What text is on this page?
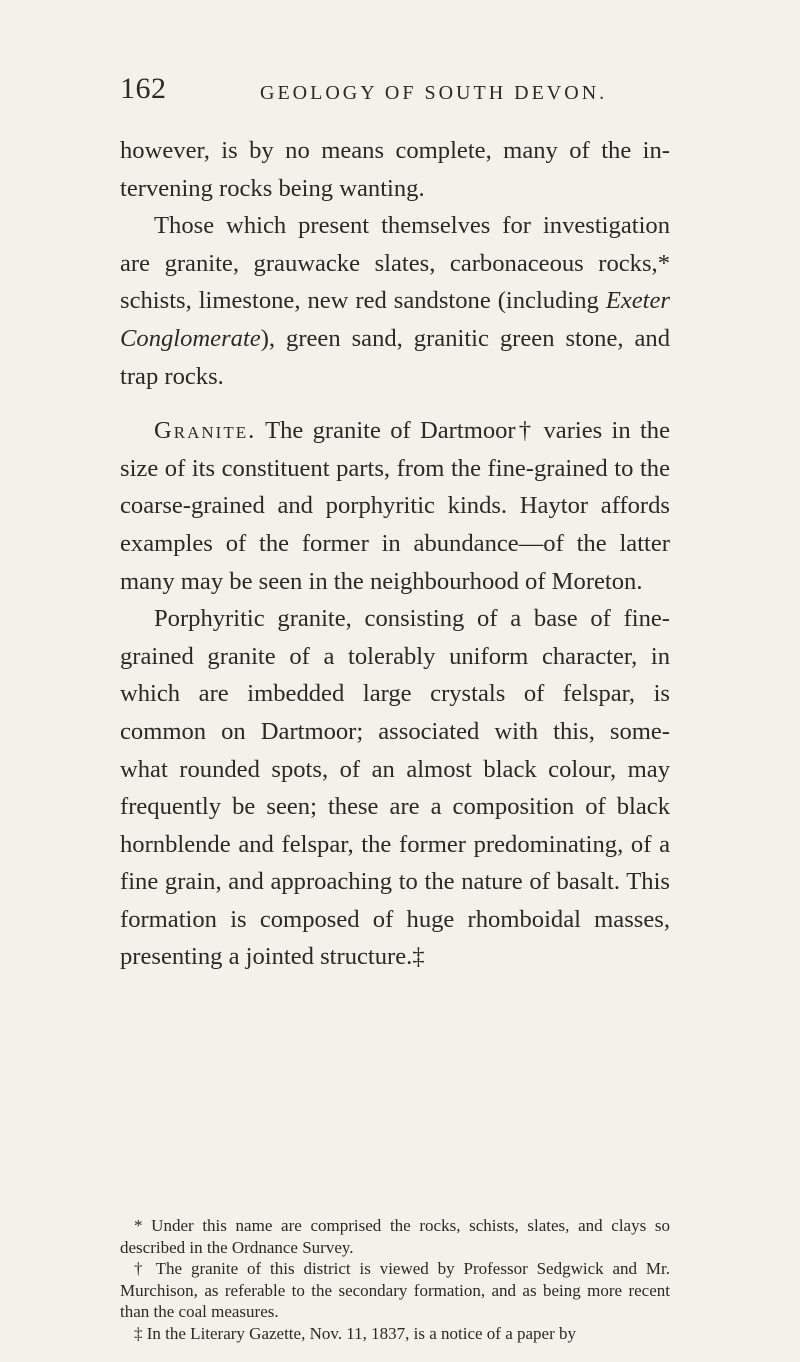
162	GEOLOGY OF SOUTH DEVON.

however, is by no means complete, many of the in- tervening rocks being wanting.

Those which present themselves for investigation are granite, grauwacke slates, carbonaceous rocks,* schists, limestone, new red sandstone (including Exeter Conglomerate), green sand, granitic green stone, and trap rocks.

Granite. The granite of Dartmoor† varies in the size of its constituent parts, from the fine-grained to the coarse-grained and porphyritic kinds. Haytor affords examples of the former in abundance—of the latter many may be seen in the neighbourhood of Moreton.

Porphyritic granite, consisting of a base of fine- grained granite of a tolerably uniform character, in which are imbedded large crystals of felspar, is common on Dartmoor; associated with this, some- what rounded spots, of an almost black colour, may frequently be seen; these are a composition of black hornblende and felspar, the former predominating, of a fine grain, and approaching to the nature of basalt. This formation is composed of huge rhomboidal masses, presenting a jointed structure.‡

* Under this name are comprised the rocks, schists, slates, and clays so described in the Ordnance Survey.

† The granite of this district is viewed by Professor Sedgwick and Mr. Murchison, as referable to the secondary formation, and as being more recent than the coal measures.

‡ In the Literary Gazette, Nov. 11, 1837, is a notice of a paper by
